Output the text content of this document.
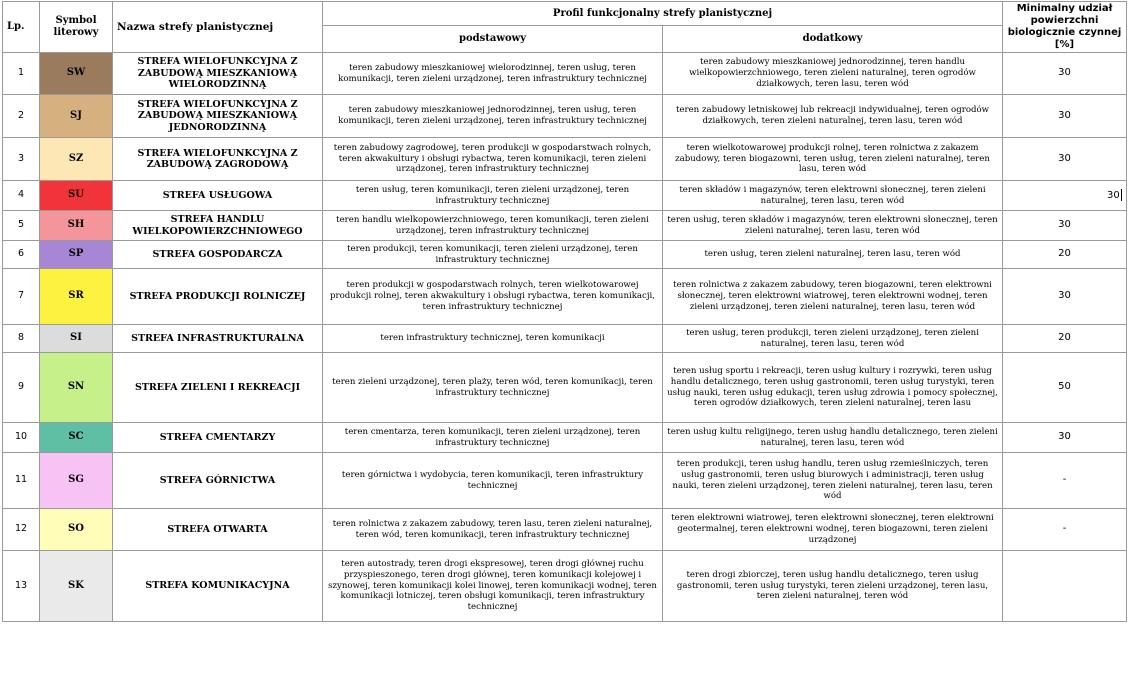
Lp.	Symbol literowy	Nazwa strefy planistycznej	Profil funkcjonalny strefy planistycznej		Minimalny udział powierzchni biologicznie czynnej [%]
			podstawowy	dodatkowy	
1	SW	STREFA WIELOFUNKCYJNA Z ZABUDOWĄ MIESZKANIOWĄ WIELORODZINNĄ	teren zabudowy mieszkaniowej wielorodzinnej, teren usług, teren komunikacji, teren zieleni urządzonej, teren infrastruktury technicznej	teren zabudowy mieszkaniowej jednorodzinnej, teren handlu wielkopowierzchniowego, teren zieleni naturalnej, teren ogrodów działkowych, teren lasu, teren wód	30
2	SJ	STREFA WIELOFUNKCYJNA Z ZABUDOWĄ MIESZKANIOWĄ JEDNORODZINNĄ	teren zabudowy mieszkaniowej jednorodzinnej, teren usług, teren komunikacji, teren zieleni urządzonej, teren infrastruktury technicznej	teren zabudowy letniskowej lub rekreacji indywidualnej, teren ogrodów działkowych, teren zieleni naturalnej, teren lasu, teren wód	30
3	SZ	STREFA WIELOFUNKCYJNA Z ZABUDOWĄ ZAGRODOWĄ	teren zabudowy zagrodowej, teren produkcji w gospodarstwach rolnych, teren akwakultury i obsługi rybactwa, teren komunikacji, teren zieleni urządzonej, teren infrastruktury technicznej	teren wielkotowarowej produkcji rolnej, teren rolnictwa z zakazem zabudowy, teren biogazowni, teren usług, teren zieleni naturalnej, teren lasu, teren wód	30
4	SU	STREFA USŁUGOWA	teren usług, teren komunikacji, teren zieleni urządzonej, teren infrastruktury technicznej	teren składów i magazynów, teren elektrowni słonecznej, teren zieleni naturalnej, teren lasu, teren wód	30
5	SH	STREFA HANDLU WIELKOPOWIERZCHNIOWEGO	teren handlu wielkopowierzchniowego, teren komunikacji, teren zieleni urządzonej, teren infrastruktury technicznej	teren usług, teren składów i magazynów, teren elektrowni słonecznej, teren zieleni naturalnej, teren lasu, teren wód	30
6	SP	STREFA GOSPODARCZA	teren produkcji, teren komunikacji, teren zieleni urządzonej, teren infrastruktury technicznej	teren usług, teren zieleni naturalnej, teren lasu, teren wód	20
7	SR	STREFA PRODUKCJI ROLNICZEJ	teren produkcji w gospodarstwach rolnych, teren wielkotowarowej produkcji rolnej, teren akwakultury i obsługi rybactwa, teren komunikacji, teren infrastruktury technicznej	teren rolnictwa z zakazem zabudowy, teren biogazowni, teren elektrowni słonecznej, teren elektrowni wiatrowej, teren elektrowni wodnej, teren zieleni urządzonej, teren zieleni naturalnej, teren lasu, teren wód	30
8	SI	STREFA INFRASTRUKTURALNA	teren infrastruktury technicznej, teren komunikacji	teren usług, teren produkcji, teren zieleni urządzonej, teren zieleni naturalnej, teren lasu, teren wód	20
9	SN	STREFA ZIELENI I REKREACJI	teren zieleni urządzonej, teren plaży, teren wód, teren komunikacji, teren infrastruktury technicznej	teren usług sportu i rekreacji, teren usług kultury i rozrywki, teren usług handlu detalicznego, teren usług gastronomii, teren usług turystyki, teren usług nauki, teren usług edukacji, teren usług zdrowia i pomocy społecznej, teren ogrodów działkowych, teren zieleni naturalnej, teren lasu	50
10	SC	STREFA CMENTARZY	teren cmentarza, teren komunikacji, teren zieleni urządzonej, teren infrastruktury technicznej	teren usług kultu religijnego, teren usług handlu detalicznego, teren zieleni naturalnej, teren lasu, teren wód	30
11	SG	STREFA GÓRNICTWA	teren górnictwa i wydobycia, teren komunikacji, teren infrastruktury technicznej	teren produkcji, teren usług handlu, teren usług rzemieślniczych, teren usług gastronomii, teren usług biurowych i administracji, teren usług nauki, teren zieleni urządzonej, teren zieleni naturalnej, teren lasu, teren wód	-
12	SO	STREFA OTWARTA	teren rolnictwa z zakazem zabudowy, teren lasu, teren zieleni naturalnej, teren wód, teren komunikacji, teren infrastruktury technicznej	teren elektrowni wiatrowej, teren elektrowni słonecznej, teren elektrowni geotermalnej, teren elektrowni wodnej, teren biogazowni, teren zieleni urządzonej	-
13	SK	STREFA KOMUNIKACYJNA	teren autostrady, teren drogi ekspresowej, teren drogi głównej ruchu przyspieszonego, teren drogi głównej, teren komunikacji kolejowej i szynowej, teren komunikacji kolei linowej, teren komunikacji wodnej, teren komunikacji lotniczej, teren obsługi komunikacji, teren infrastruktury technicznej	teren drogi zbiorczej, teren usług handlu detalicznego, teren usług gastronomii, teren usług turystyki, teren zieleni urządzonej, teren lasu, teren zieleni naturalnej, teren wód	
